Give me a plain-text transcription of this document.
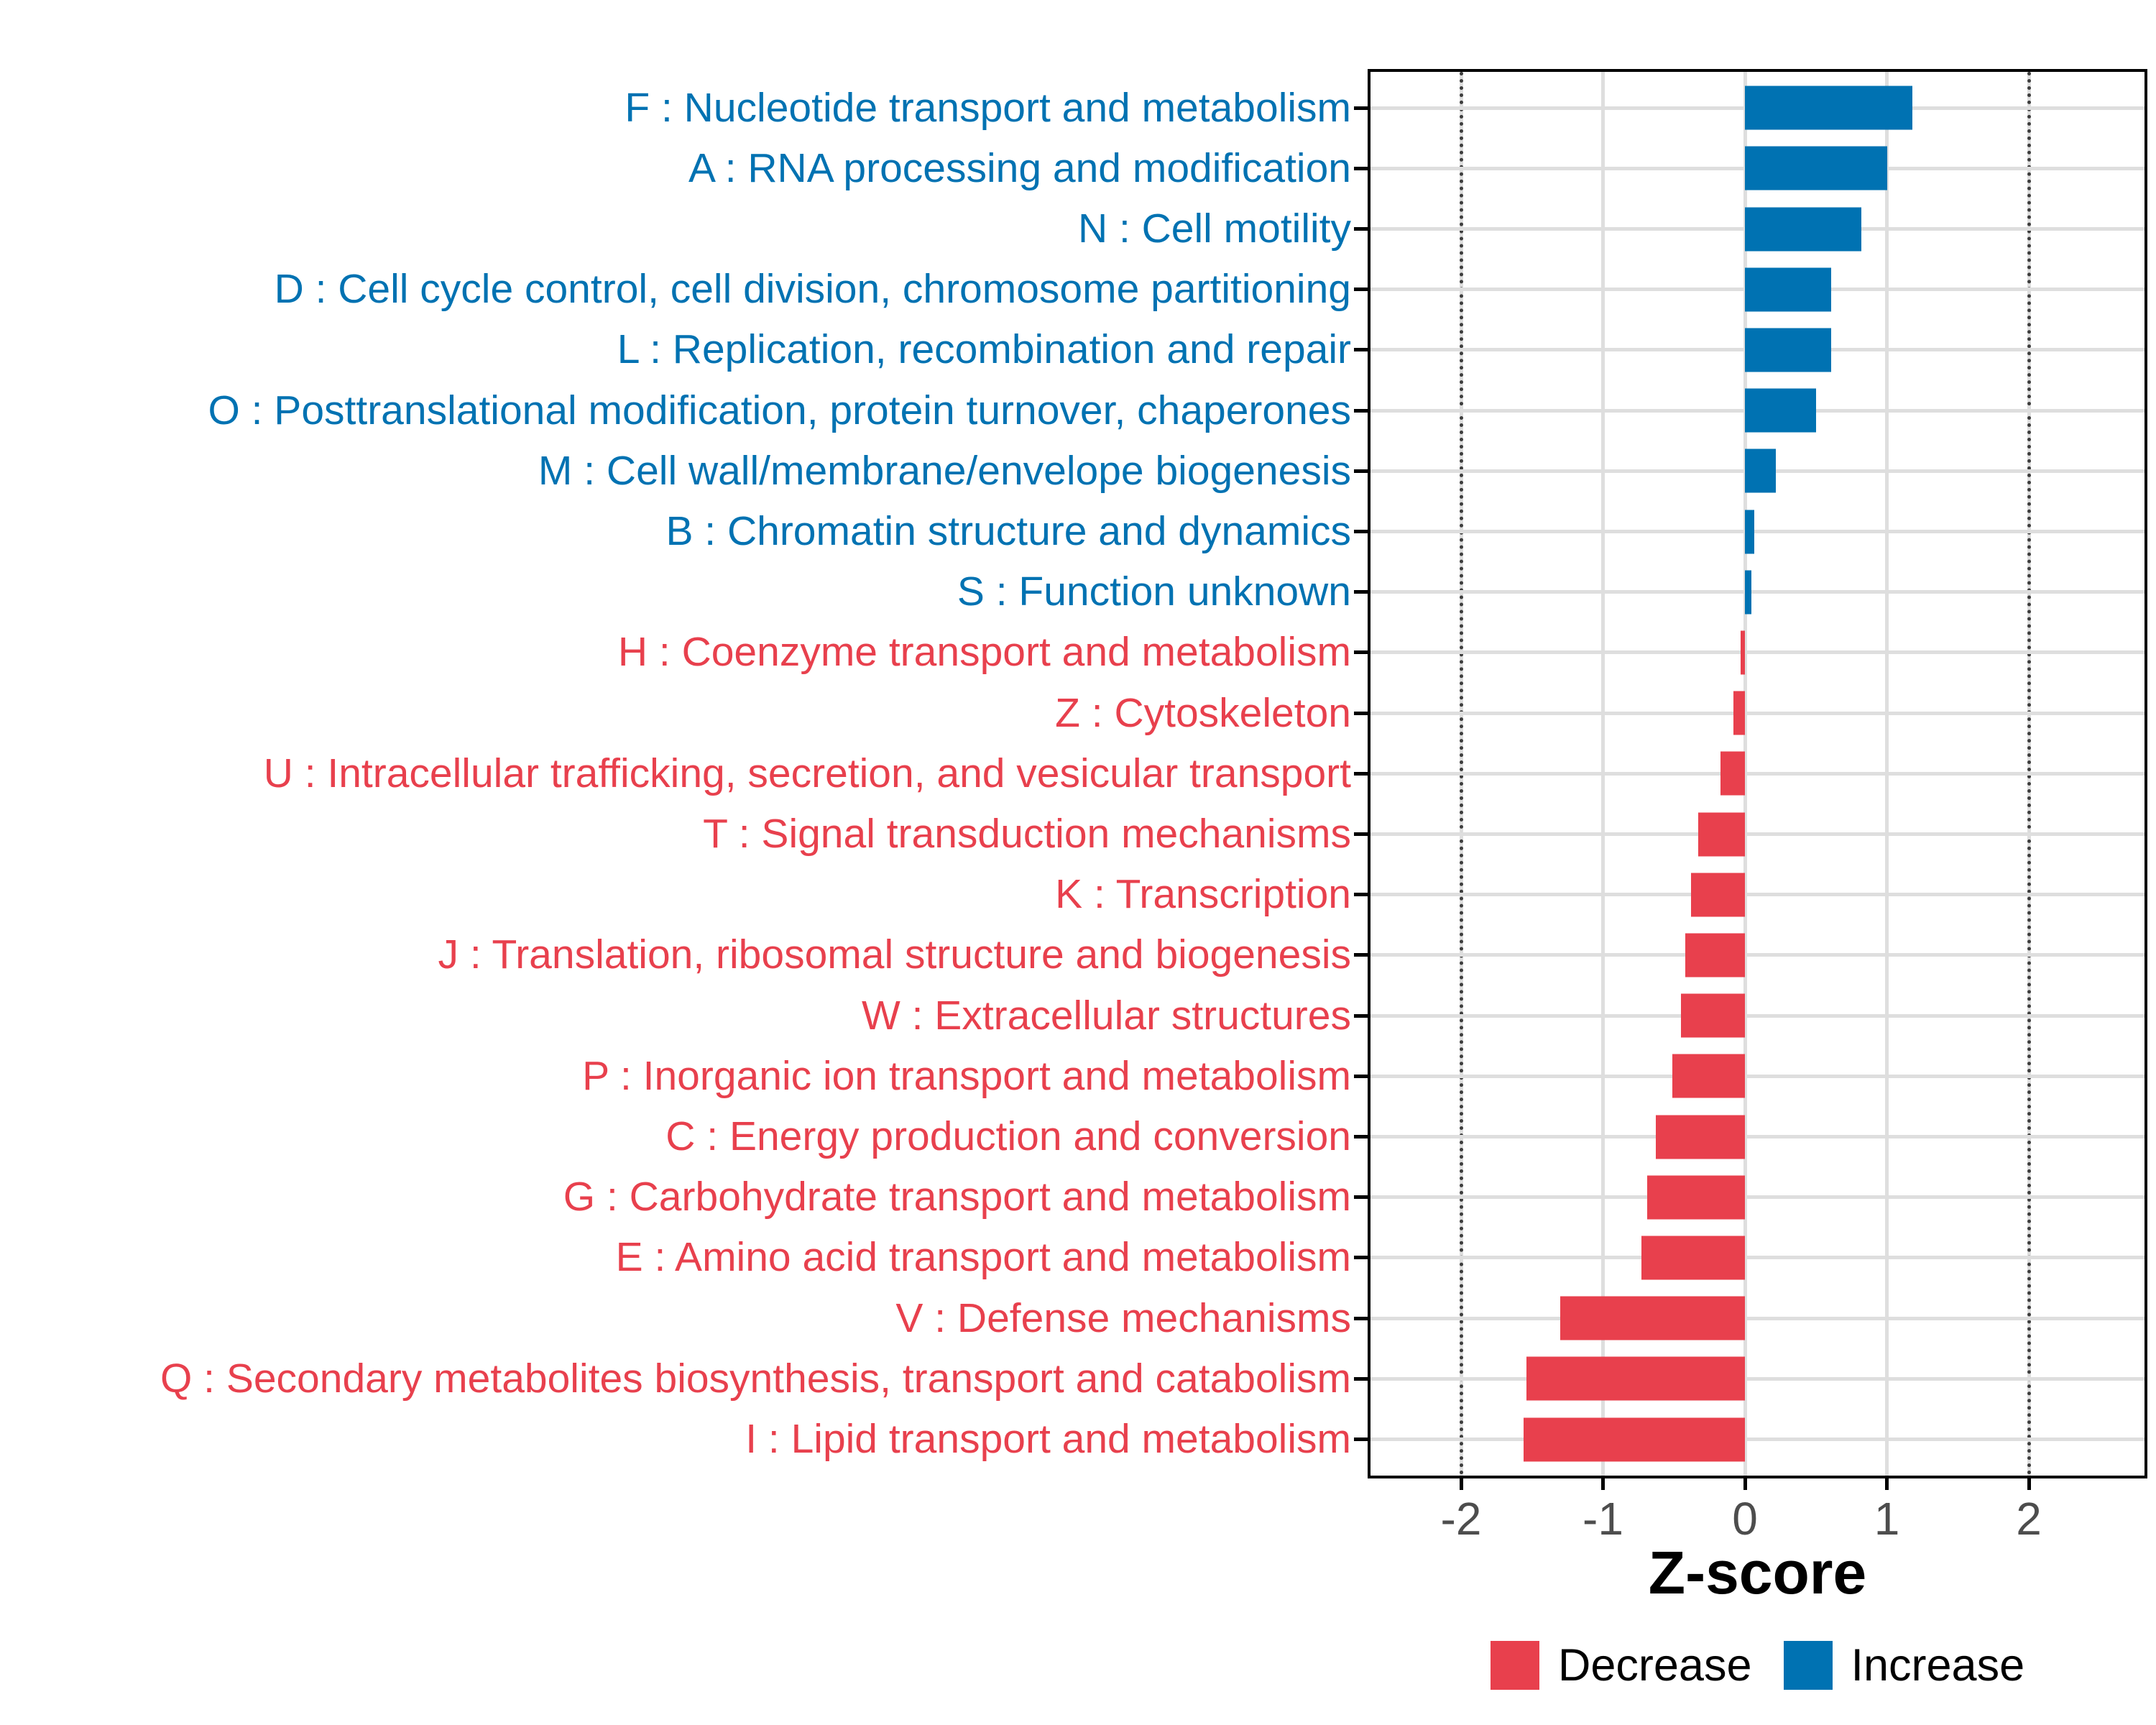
F : Nucleotide transport and metabolism
A : RNA processing and modification
N : Cell motility
D : Cell cycle control, cell division, chromosome partitioning
L : Replication, recombination and repair
O : Posttranslational modification, protein turnover, chaperones
M : Cell wall/membrane/envelope biogenesis
B : Chromatin structure and dynamics
S : Function unknown
H : Coenzyme transport and metabolism
Z : Cytoskeleton
U : Intracellular trafficking, secretion, and vesicular transport
T : Signal transduction mechanisms
K : Transcription
J : Translation, ribosomal structure and biogenesis
W : Extracellular structures
P : Inorganic ion transport and metabolism
C : Energy production and conversion
G : Carbohydrate transport and metabolism
E : Amino acid transport and metabolism
V : Defense mechanisms
Q : Secondary metabolites biosynthesis, transport and catabolism
I : Lipid transport and metabolism
-2	-1	0	1	2
Z-score
Decrease Increase
